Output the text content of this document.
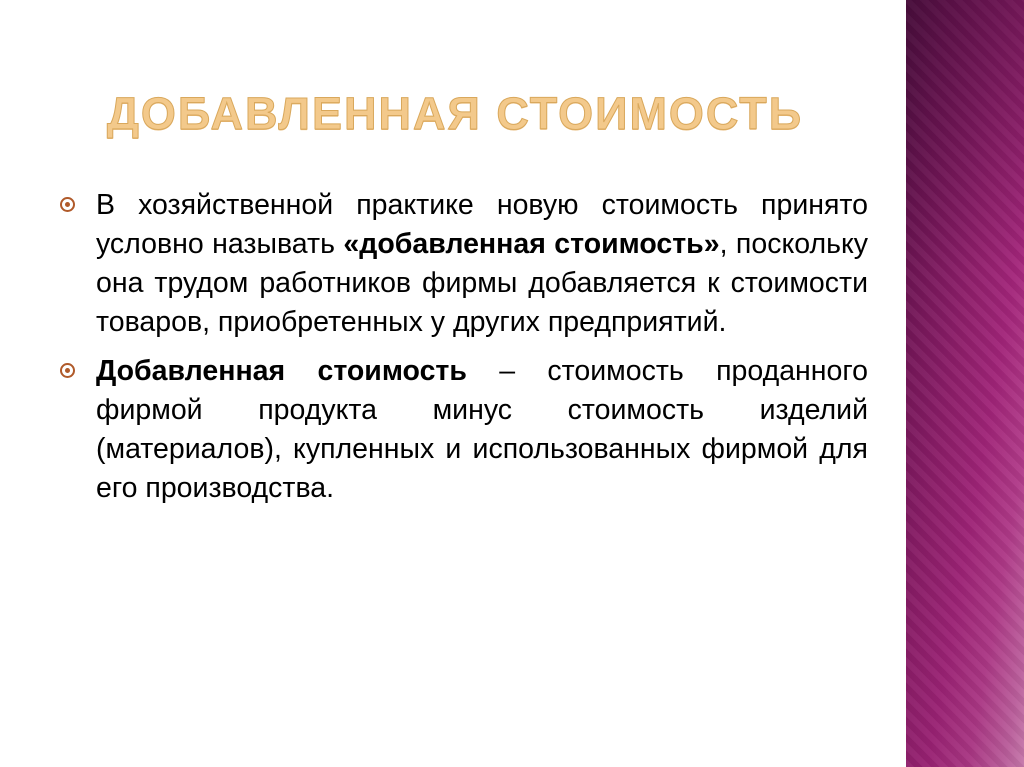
ДОБАВЛЕННАЯ СТОИМОСТЬ
В хозяйственной практике новую стоимость принято условно называть «добавленная стоимость», поскольку она трудом работников фирмы добавляется к стоимости товаров, приобретенных у других предприятий.
Добавленная стоимость – стоимость проданного фирмой продукта минус стоимость изделий (материалов), купленных и использованных фирмой для его производства.
